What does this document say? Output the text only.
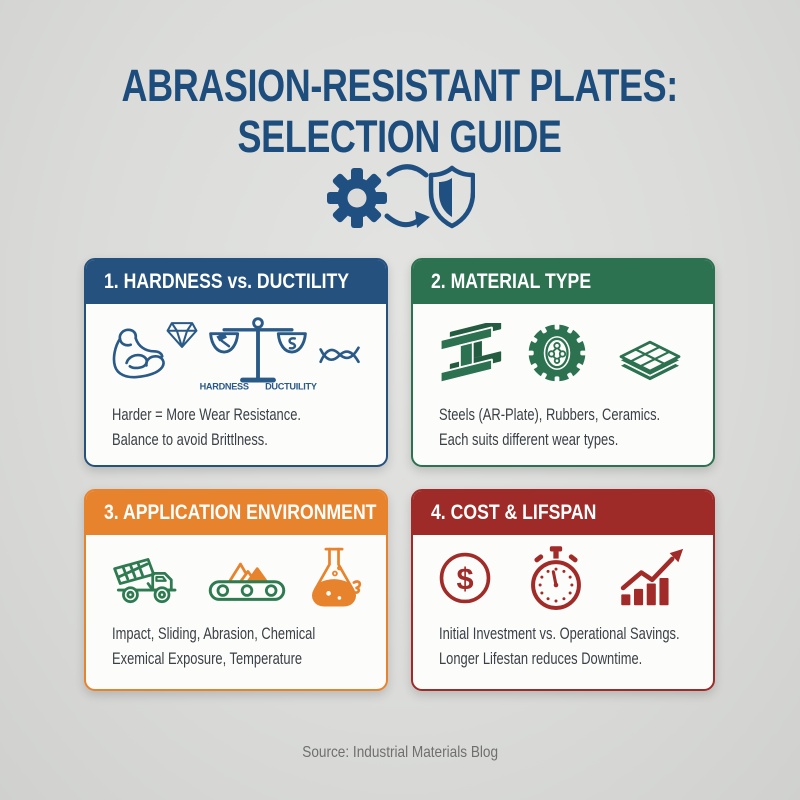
ABRASION-RESISTANT PLATES:
SELECTION GUIDE
1. HARDNESS vs. DUCTILITY
HARDNESS DUCTUILITY
Harder = More Wear Resistance.
Balance to avoid Brittlness.
2. MATERIAL TYPE
Steels (AR-Plate), Rubbers, Ceramics.
Each suits different wear types.
3. APPLICATION ENVIRONMENT
Impact, Sliding, Abrasion, Chemical
Exemical Exposure, Temperature
4. COST & LIFSPAN
$
Initial Investment vs. Operational Savings.
Longer Lifestan reduces Downtime.
Source: Industrial Materials Blog
